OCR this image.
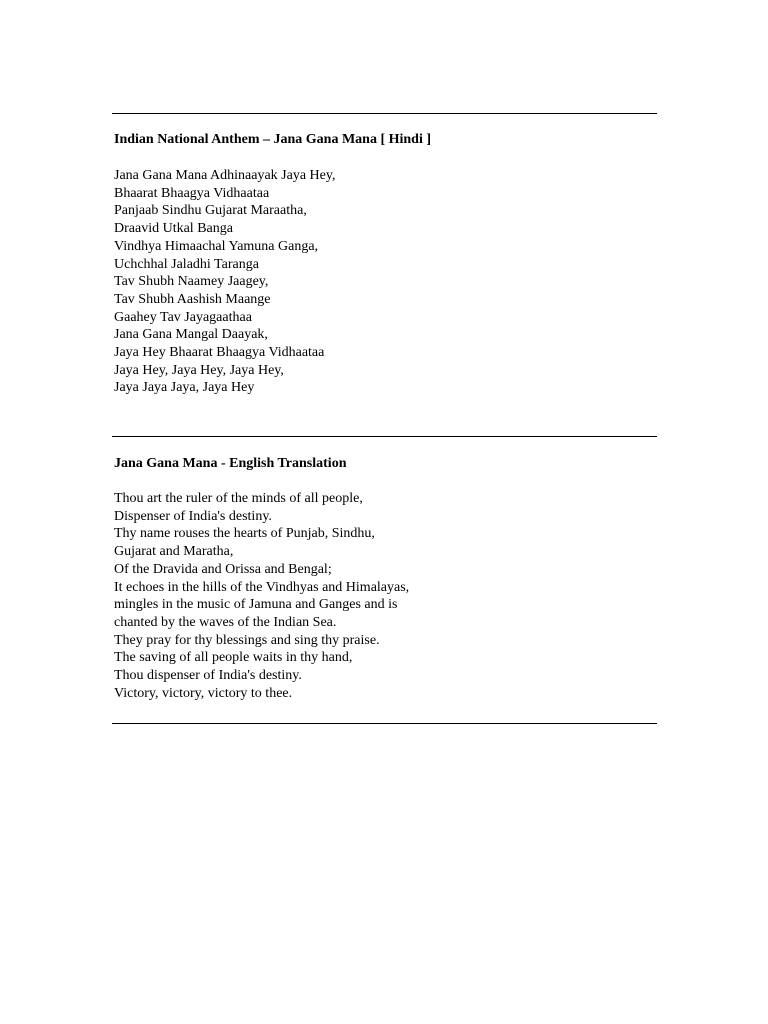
Indian National Anthem – Jana Gana Mana [ Hindi ]
Jana Gana Mana Adhinaayak Jaya Hey,
Bhaarat Bhaagya Vidhaataa
Panjaab Sindhu Gujarat Maraatha,
Draavid Utkal Banga
Vindhya Himaachal Yamuna Ganga,
Uchchhal Jaladhi Taranga
Tav Shubh Naamey Jaagey,
Tav Shubh Aashish Maange
Gaahey Tav Jayagaathaa
Jana Gana Mangal Daayak,
Jaya Hey Bhaarat Bhaagya Vidhaataa
Jaya Hey, Jaya Hey, Jaya Hey,
Jaya Jaya Jaya, Jaya Hey
Jana Gana Mana - English Translation
Thou art the ruler of the minds of all people,
Dispenser of India's destiny.
Thy name rouses the hearts of Punjab, Sindhu,
Gujarat and Maratha,
Of the Dravida and Orissa and Bengal;
It echoes in the hills of the Vindhyas and Himalayas,
mingles in the music of Jamuna and Ganges and is
chanted by the waves of the Indian Sea.
They pray for thy blessings and sing thy praise.
The saving of all people waits in thy hand,
Thou dispenser of India's destiny.
Victory, victory, victory to thee.
